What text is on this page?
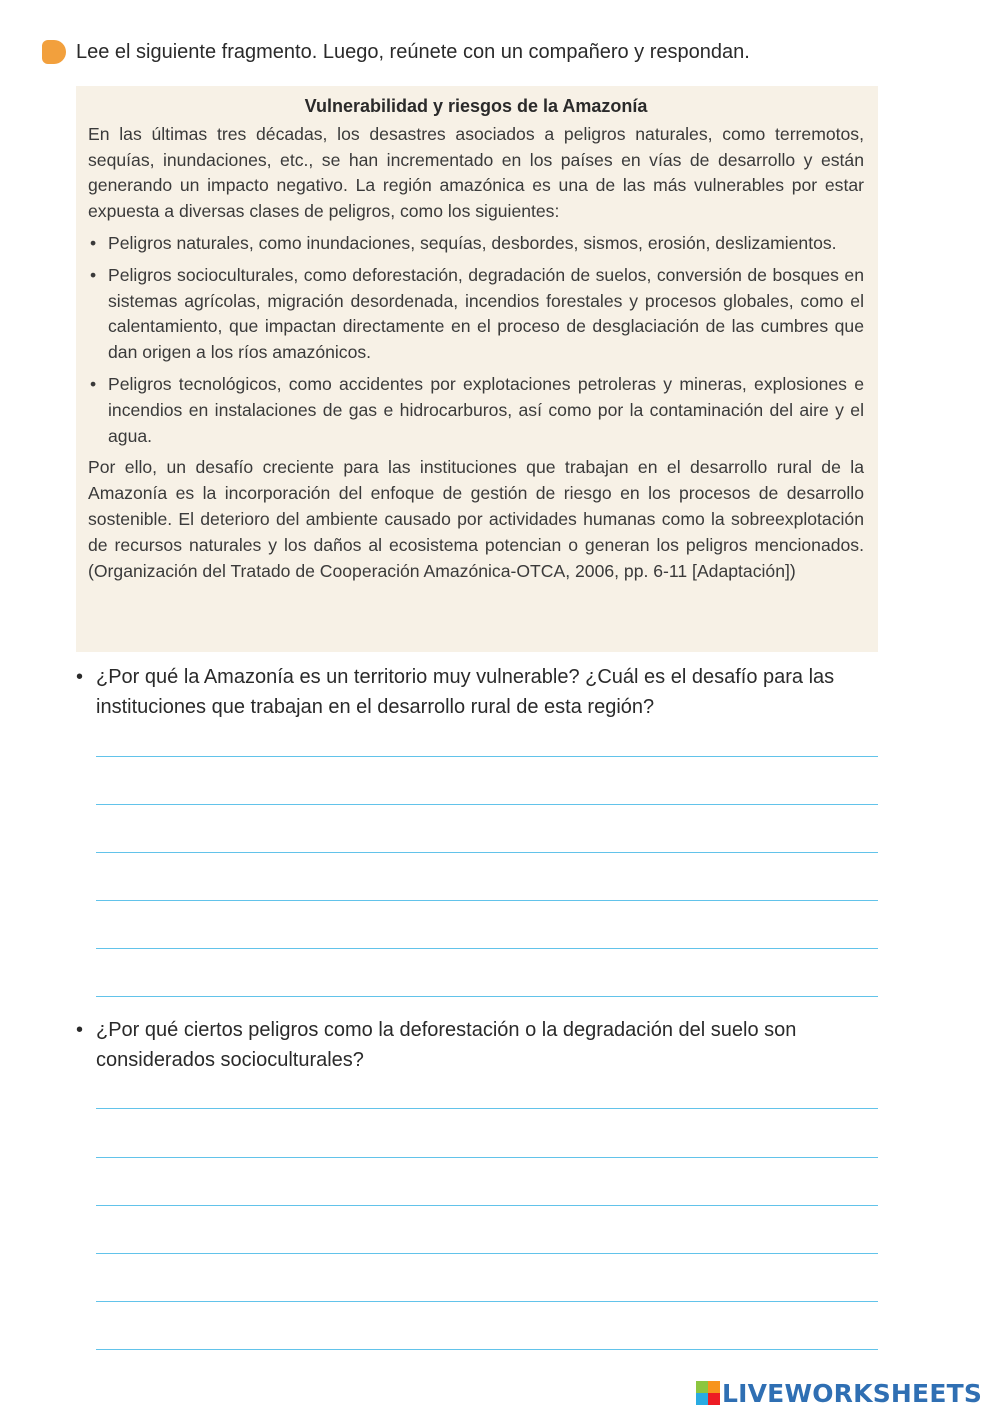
Lee el siguiente fragmento. Luego, reúnete con un compañero y respondan.
Vulnerabilidad y riesgos de la Amazonía

En las últimas tres décadas, los desastres asociados a peligros naturales, como terremotos, sequías, inundaciones, etc., se han incrementado en los países en vías de desarrollo y están generando un impacto negativo. La región amazónica es una de las más vulnerables por estar expuesta a diversas clases de peligros, como los siguientes:

• Peligros naturales, como inundaciones, sequías, desbordes, sismos, erosión, deslizamientos.
• Peligros socioculturales, como deforestación, degradación de suelos, conversión de bosques en sistemas agrícolas, migración desordenada, incendios forestales y procesos globales, como el calentamiento, que impactan directamente en el proceso de desglaciación de las cumbres que dan origen a los ríos amazónicos.
• Peligros tecnológicos, como accidentes por explotaciones petroleras y mineras, explosiones e incendios en instalaciones de gas e hidrocarburos, así como por la contaminación del aire y el agua.

Por ello, un desafío creciente para las instituciones que trabajan en el desarrollo rural de la Amazonía es la incorporación del enfoque de gestión de riesgo en los procesos de desarrollo sostenible. El deterioro del ambiente causado por actividades humanas como la sobreexplotación de recursos naturales y los daños al ecosistema potencian o generan los peligros mencionados. (Organización del Tratado de Cooperación Amazónica-OTCA, 2006, pp. 6-11 [Adaptación])

• ¿Por qué la Amazonía es un territorio muy vulnerable? ¿Cuál es el desafío para las instituciones que trabajan en el desarrollo rural de esta región?
• ¿Por qué ciertos peligros como la deforestación o la degradación del suelo son considerados socioculturales?
LIVEWORKSHEETS
